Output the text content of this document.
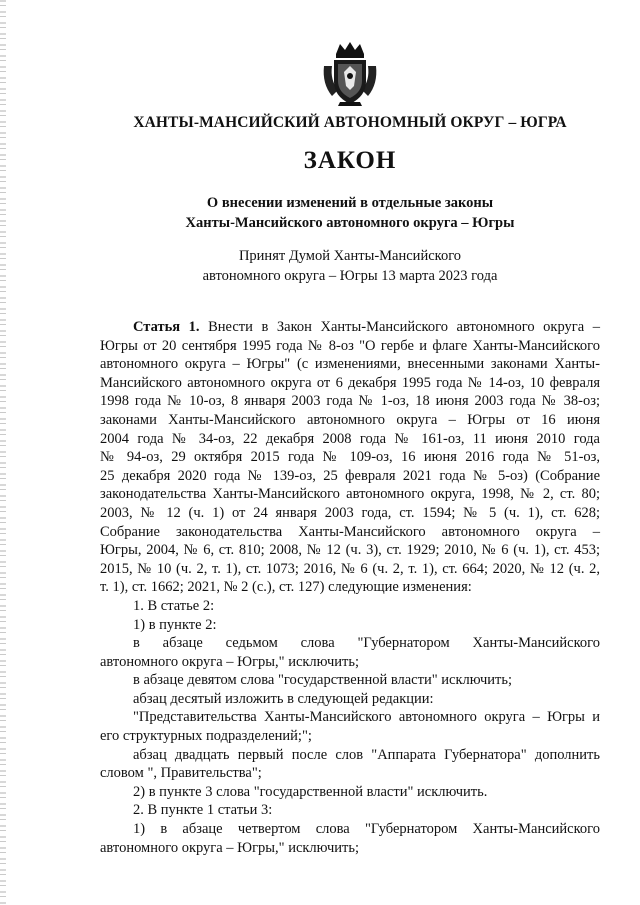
ХАНТЫ-МАНСИЙСКИЙ АВТОНОМНЫЙ ОКРУГ – ЮГРА
ЗАКОН
О внесении изменений в отдельные законы
Ханты-Мансийского автономного округа – Югры
Принят Думой Ханты-Мансийского
автономного округа – Югры 13 марта 2023 года

Статья 1. Внести в Закон Ханты-Мансийского автономного округа –

Югры от 20 сентября 1995 года № 8-оз "О гербе и флаге Ханты-Мансийского

автономного округа – Югры" (с изменениями, внесенными законами Ханты-

Мансийского автономного округа от 6 декабря 1995 года № 14-оз, 10 февраля

1998 года № 10-оз, 8 января 2003 года № 1-оз, 18 июня 2003 года № 38-оз;

законами Ханты-Мансийского автономного округа – Югры от 16 июня

2004 года № 34-оз, 22 декабря 2008 года № 161-оз, 11 июня 2010 года

№ 94-оз, 29 октября 2015 года № 109-оз, 16 июня 2016 года № 51-оз,

25 декабря 2020 года № 139-оз, 25 февраля 2021 года № 5-оз) (Собрание

законодательства Ханты-Мансийского автономного округа, 1998, № 2, ст. 80;

2003, № 12 (ч. 1) от 24 января 2003 года, ст. 1594; № 5 (ч. 1), ст. 628;

Собрание законодательства Ханты-Мансийского автономного округа –

Югры, 2004, № 6, ст. 810; 2008, № 12 (ч. 3), ст. 1929; 2010, № 6 (ч. 1), ст. 453;

2015, № 10 (ч. 2, т. 1), ст. 1073; 2016, № 6 (ч. 2, т. 1), ст. 664; 2020, № 12 (ч. 2,

т. 1), ст. 1662; 2021, № 2 (с.), ст. 127) следующие изменения:

1. В статье 2:

1) в пункте 2:

в абзаце седьмом слова "Губернатором Ханты-Мансийского

автономного округа – Югры," исключить;

в абзаце девятом слова "государственной власти" исключить;

абзац десятый изложить в следующей редакции:

"Представительства Ханты-Мансийского автономного округа – Югры и

его структурных подразделений;";

абзац двадцать первый после слов "Аппарата Губернатора" дополнить

словом ", Правительства";

2) в пункте 3 слова "государственной власти" исключить.

2. В пункте 1 статьи 3:

1) в абзаце четвертом слова "Губернатором Ханты-Мансийского

автономного округа – Югры," исключить;
